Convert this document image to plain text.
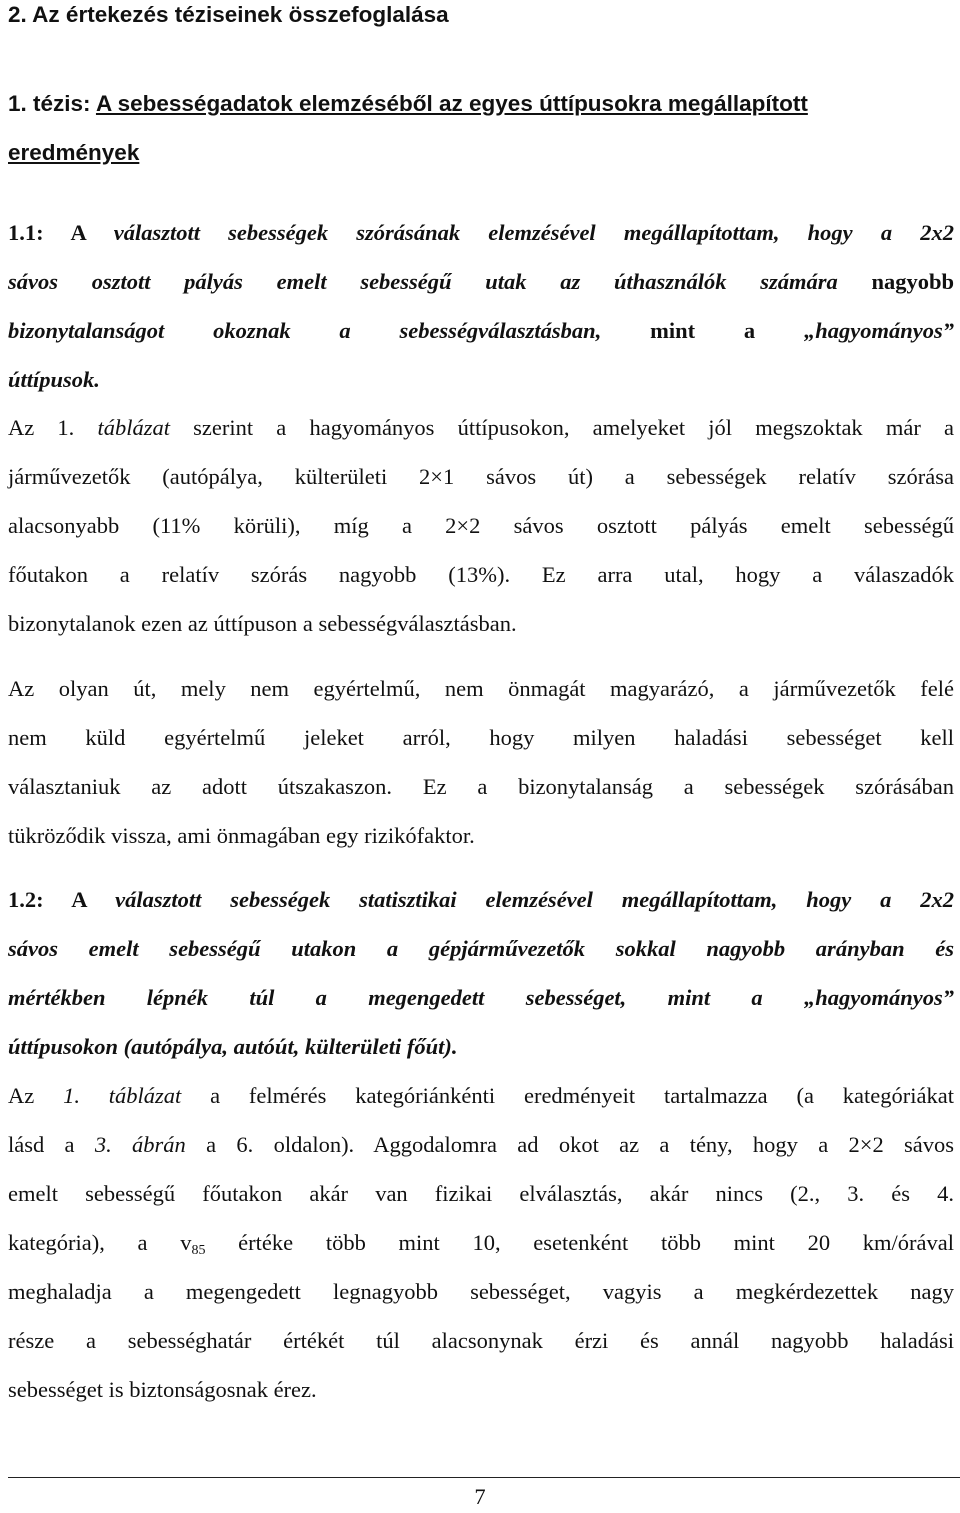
2. Az értekezés téziseinek összefoglalása
1. tézis: A sebességadatok elemzéséből az egyes úttípusokra megállapított
eredmények
1.1: A választott sebességek szórásának elemzésével megállapítottam, hogy a 2x2
sávos osztott pályás emelt sebességű utak az úthasználók számára nagyobb
bizonytalanságot okoznak a sebességválasztásban, mint a „hagyományos”
úttípusok.
Az 1. táblázat szerint a hagyományos úttípusokon, amelyeket jól megszoktak már a
járművezetők (autópálya, külterületi 2×1 sávos út) a sebességek relatív szórása
alacsonyabb (11% körüli), míg a 2×2 sávos osztott pályás emelt sebességű
főutakon a relatív szórás nagyobb (13%). Ez arra utal, hogy a válaszadók
bizonytalanok ezen az úttípuson a sebességválasztásban.
Az olyan út, mely nem egyértelmű, nem önmagát magyarázó, a járművezetők felé
nem küld egyértelmű jeleket arról, hogy milyen haladási sebességet kell
választaniuk az adott útszakaszon. Ez a bizonytalanság a sebességek szórásában
tükröződik vissza, ami önmagában egy rizikófaktor.
1.2: A választott sebességek statisztikai elemzésével megállapítottam, hogy a 2x2
sávos emelt sebességű utakon a gépjárművezetők sokkal nagyobb arányban és
mértékben lépnék túl a megengedett sebességet, mint a „hagyományos”
úttípusokon (autópálya, autóút, külterületi főút).
Az 1. táblázat a felmérés kategóriánkénti eredményeit tartalmazza (a kategóriákat
lásd a 3. ábrán a 6. oldalon). Aggodalomra ad okot az a tény, hogy a 2×2 sávos
emelt sebességű főutakon akár van fizikai elválasztás, akár nincs (2., 3. és 4.
kategória), a $v_{85}$ értéke több mint 10, esetenként több mint 20 km/órával
meghaladja a megengedett legnagyobb sebességet, vagyis a megkérdezettek nagy
része a sebességhatár értékét túl alacsonynak érzi és annál nagyobb haladási
sebességet is biztonságosnak érez.
7
